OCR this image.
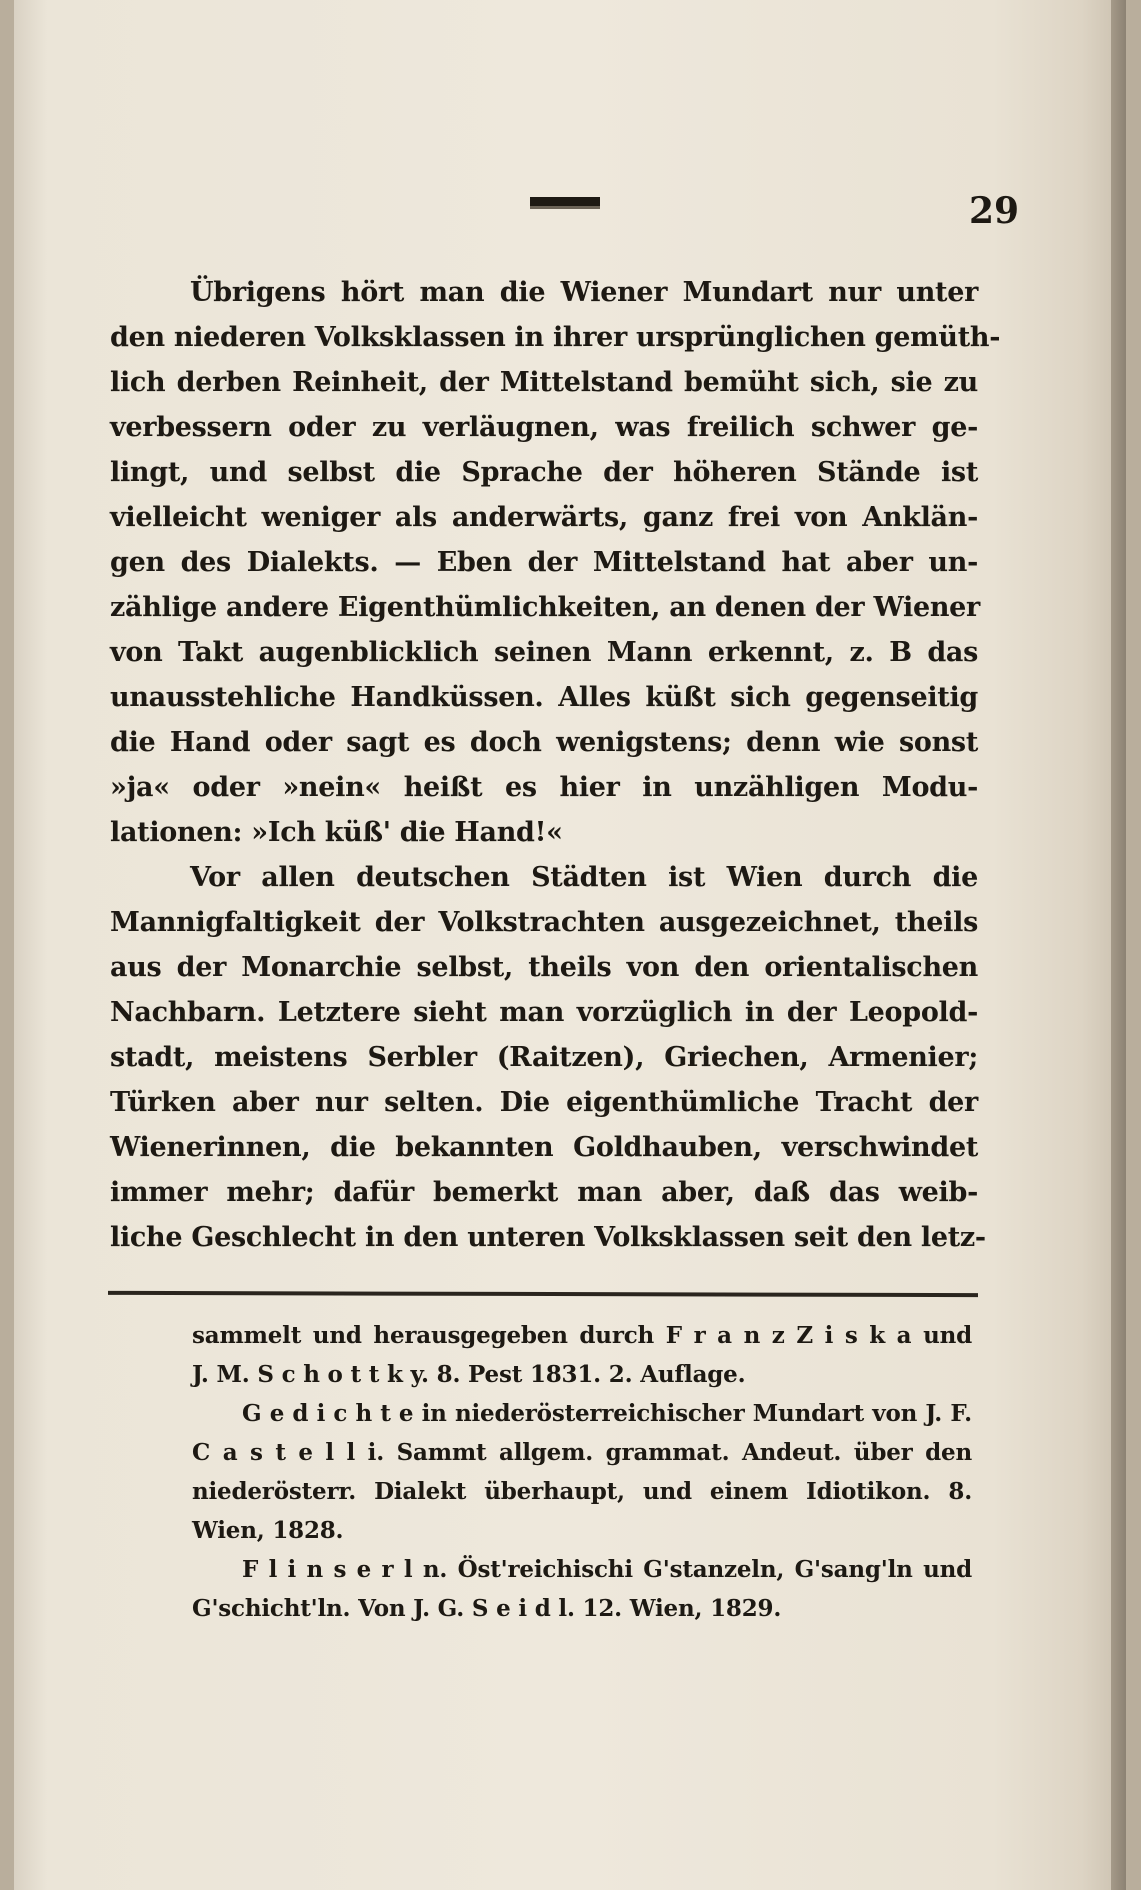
29
Übrigens hört man die Wiener Mundart nur unter
den niederen Volksklassen in ihrer ursprünglichen gemüth-
lich derben Reinheit, der Mittelstand bemüht sich, sie zu
verbessern oder zu verläugnen, was freilich schwer ge-
lingt, und selbst die Sprache der höheren Stände ist
vielleicht weniger als anderwärts, ganz frei von Anklän-
gen des Dialekts. — Eben der Mittelstand hat aber un-
zählige andere Eigenthümlichkeiten, an denen der Wiener
von Takt augenblicklich seinen Mann erkennt, z. B das
unausstehliche Handküssen. Alles küßt sich gegenseitig
die Hand oder sagt es doch wenigstens; denn wie sonst
»ja« oder »nein« heißt es hier in unzähligen Modu-
lationen: »Ich küß' die Hand!«
Vor allen deutschen Städten ist Wien durch die
Mannigfaltigkeit der Volkstrachten ausgezeichnet, theils
aus der Monarchie selbst, theils von den orientalischen
Nachbarn. Letztere sieht man vorzüglich in der Leopold-
stadt, meistens Serbler (Raitzen), Griechen, Armenier;
Türken aber nur selten. Die eigenthümliche Tracht der
Wienerinnen, die bekannten Goldhauben, verschwindet
immer mehr; dafür bemerkt man aber, daß das weib-
liche Geschlecht in den unteren Volksklassen seit den letz-
sammelt und herausgegeben durch F r a n z Z i s k a und
J. M. S c h o t t k y. 8. Pest 1831. 2. Auflage.
G e d i c h t e in niederösterreichischer Mundart von J. F.
C a s t e l l i. Sammt allgem. grammat. Andeut. über den
niederösterr. Dialekt überhaupt, und einem Idiotikon. 8.
Wien, 1828.
F l i n s e r l n. Öst'reichischi G'stanzeln, G'sang'ln und
G'schicht'ln. Von J. G. S e i d l. 12. Wien, 1829.
